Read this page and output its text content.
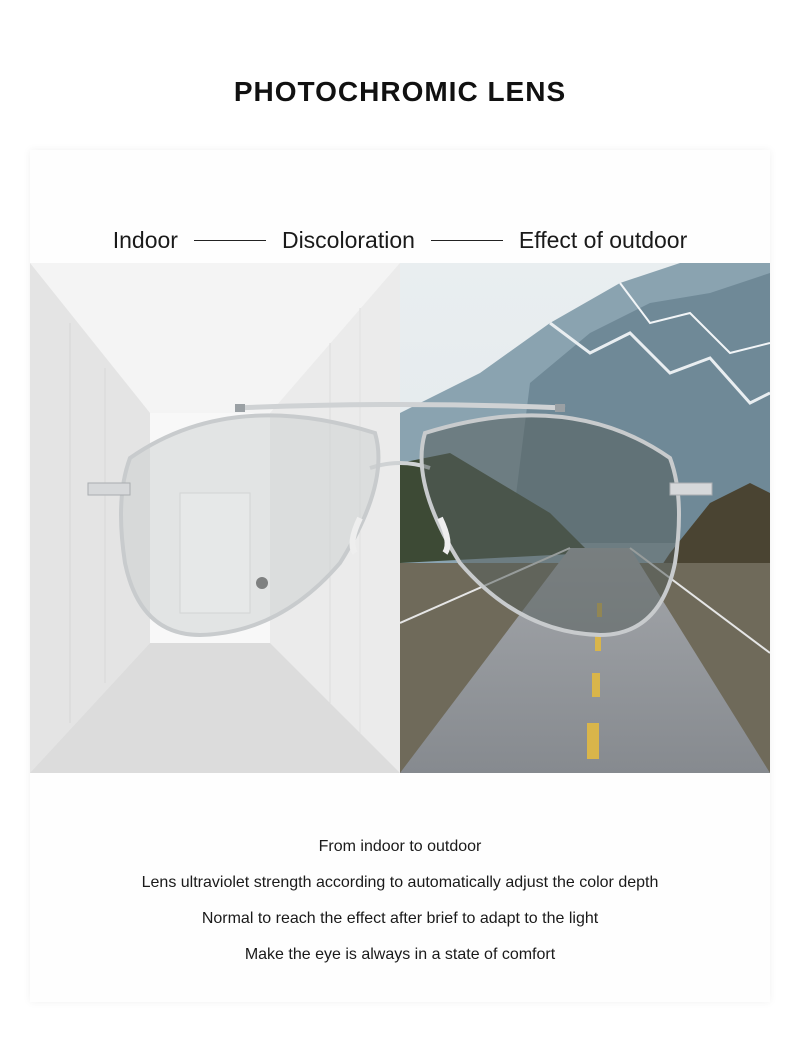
PHOTOCHROMIC LENS
Indoor	Discoloration	Effect of outdoor
From indoor to outdoor
Lens ultraviolet strength according to automatically adjust the color depth
Normal to reach the effect after brief to adapt to the light
Make the eye is always in a state of comfort
